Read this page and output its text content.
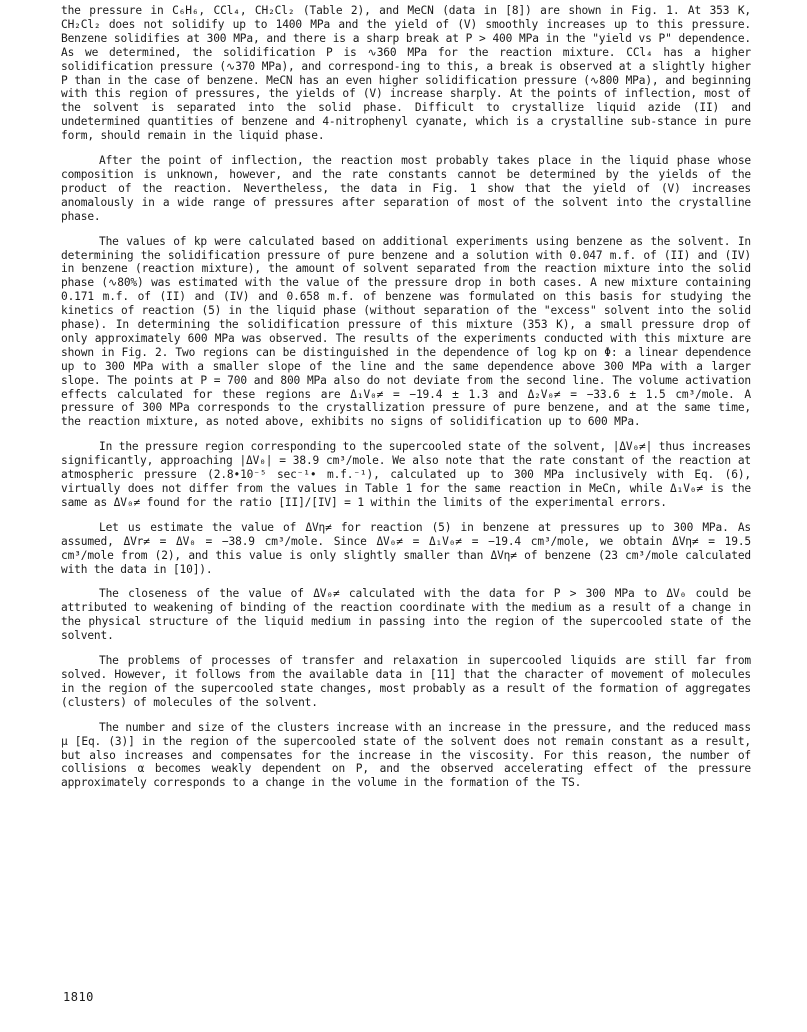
the pressure in C₆H₆, CCl₄, CH₂Cl₂ (Table 2), and MeCN (data in [8]) are shown in Fig. 1. At 353 K, CH₂Cl₂ does not solidify up to 1400 MPa and the yield of (V) smoothly increases up to this pressure. Benzene solidifies at 300 MPa, and there is a sharp break at P > 400 MPa in the "yield vs P" dependence. As we determined, the solidification P is ∿360 MPa for the reaction mixture. CCl₄ has a higher solidification pressure (∿370 MPa), and correspond-ing to this, a break is observed at a slightly higher P than in the case of benzene. MeCN has an even higher solidification pressure (∿800 MPa), and beginning with this region of pressures, the yields of (V) increase sharply. At the points of inflection, most of the solvent is separated into the solid phase. Difficult to crystallize liquid azide (II) and undetermined quantities of benzene and 4-nitrophenyl cyanate, which is a crystalline sub-stance in pure form, should remain in the liquid phase.

After the point of inflection, the reaction most probably takes place in the liquid phase whose composition is unknown, however, and the rate constants cannot be determined by the yields of the product of the reaction. Nevertheless, the data in Fig. 1 show that the yield of (V) increases anomalously in a wide range of pressures after separation of most of the solvent into the crystalline phase.

The values of kp were calculated based on additional experiments using benzene as the solvent. In determining the solidification pressure of pure benzene and a solution with 0.047 m.f. of (II) and (IV) in benzene (reaction mixture), the amount of solvent separated from the reaction mixture into the solid phase (∿80%) was estimated with the value of the pressure drop in both cases. A new mixture containing 0.171 m.f. of (II) and (IV) and 0.658 m.f. of benzene was formulated on this basis for studying the kinetics of reaction (5) in the liquid phase (without separation of the "excess" solvent into the solid phase). In determining the solidification pressure of this mixture (353 K), a small pressure drop of only approximately 600 MPa was observed. The results of the experiments conducted with this mixture are shown in Fig. 2. Two regions can be distinguished in the dependence of log kp on Φ: a linear dependence up to 300 MPa with a smaller slope of the line and the same dependence above 300 MPa with a larger slope. The points at P = 700 and 800 MPa also do not deviate from the second line. The volume activation effects calculated for these regions are Δ₁V₀≠ = −19.4 ± 1.3 and Δ₂V₀≠ = −33.6 ± 1.5 cm³/mole. A pressure of 300 MPa corresponds to the crystallization pressure of pure benzene, and at the same time, the reaction mixture, as noted above, exhibits no signs of solidification up to 600 MPa.

In the pressure region corresponding to the supercooled state of the solvent, |ΔV₀≠| thus increases significantly, approaching |ΔV₀| = 38.9 cm³/mole. We also note that the rate constant of the reaction at atmospheric pressure (2.8•10⁻⁵ sec⁻¹• m.f.⁻¹), calculated up to 300 MPa inclusively with Eq. (6), virtually does not differ from the values in Table 1 for the same reaction in MeCn, while Δ₁V₀≠ is the same as ΔV₀≠ found for the ratio [II]/[IV] = 1 within the limits of the experimental errors.

Let us estimate the value of ΔVη≠ for reaction (5) in benzene at pressures up to 300 MPa. As assumed, ΔVr≠ = ΔV₀ = −38.9 cm³/mole. Since ΔV₀≠ = Δ₁V₀≠ = −19.4 cm³/mole, we obtain ΔVη≠ = 19.5 cm³/mole from (2), and this value is only slightly smaller than ΔVη≠ of benzene (23 cm³/mole calculated with the data in [10]).

The closeness of the value of ΔV₀≠ calculated with the data for P > 300 MPa to ΔV₀ could be attributed to weakening of binding of the reaction coordinate with the medium as a result of a change in the physical structure of the liquid medium in passing into the region of the supercooled state of the solvent.

The problems of processes of transfer and relaxation in supercooled liquids are still far from solved. However, it follows from the available data in [11] that the character of movement of molecules in the region of the supercooled state changes, most probably as a result of the formation of aggregates (clusters) of molecules of the solvent.

The number and size of the clusters increase with an increase in the pressure, and the reduced mass μ [Eq. (3)] in the region of the supercooled state of the solvent does not remain constant as a result, but also increases and compensates for the increase in the viscosity. For this reason, the number of collisions α becomes weakly dependent on P, and the observed accelerating effect of the pressure approximately corresponds to a change in the volume in the formation of the TS.

1810
